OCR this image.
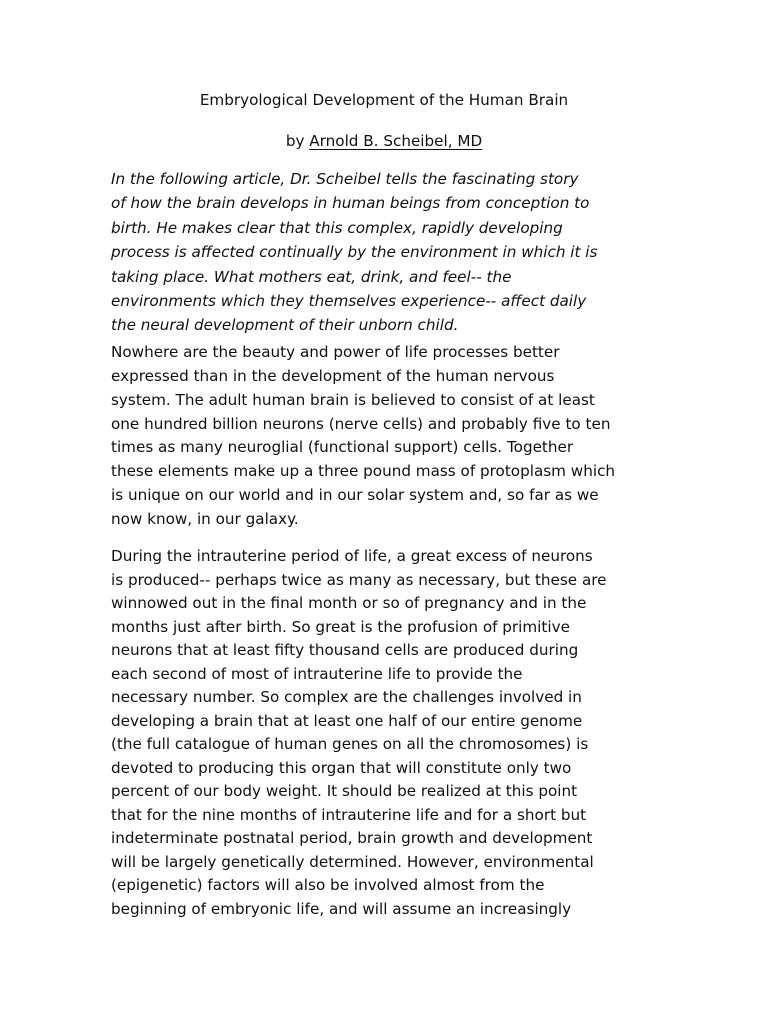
Embryological Development of the Human Brain
by Arnold B. Scheibel, MD
In the following article, Dr. Scheibel tells the fascinating story
of how the brain develops in human beings from conception to
birth. He makes clear that this complex, rapidly developing
process is affected continually by the environment in which it is
taking place. What mothers eat, drink, and feel-- the
environments which they themselves experience-- affect daily
the neural development of their unborn child.
Nowhere are the beauty and power of life processes better
expressed than in the development of the human nervous
system. The adult human brain is believed to consist of at least
one hundred billion neurons (nerve cells) and probably five to ten
times as many neuroglial (functional support) cells. Together
these elements make up a three pound mass of protoplasm which
is unique on our world and in our solar system and, so far as we
now know, in our galaxy.
During the intrauterine period of life, a great excess of neurons
is produced-- perhaps twice as many as necessary, but these are
winnowed out in the final month or so of pregnancy and in the
months just after birth. So great is the profusion of primitive
neurons that at least fifty thousand cells are produced during
each second of most of intrauterine life to provide the
necessary number. So complex are the challenges involved in
developing a brain that at least one half of our entire genome
(the full catalogue of human genes on all the chromosomes) is
devoted to producing this organ that will constitute only two
percent of our body weight. It should be realized at this point
that for the nine months of intrauterine life and for a short but
indeterminate postnatal period, brain growth and development
will be largely genetically determined. However, environmental
(epigenetic) factors will also be involved almost from the
beginning of embryonic life, and will assume an increasingly
